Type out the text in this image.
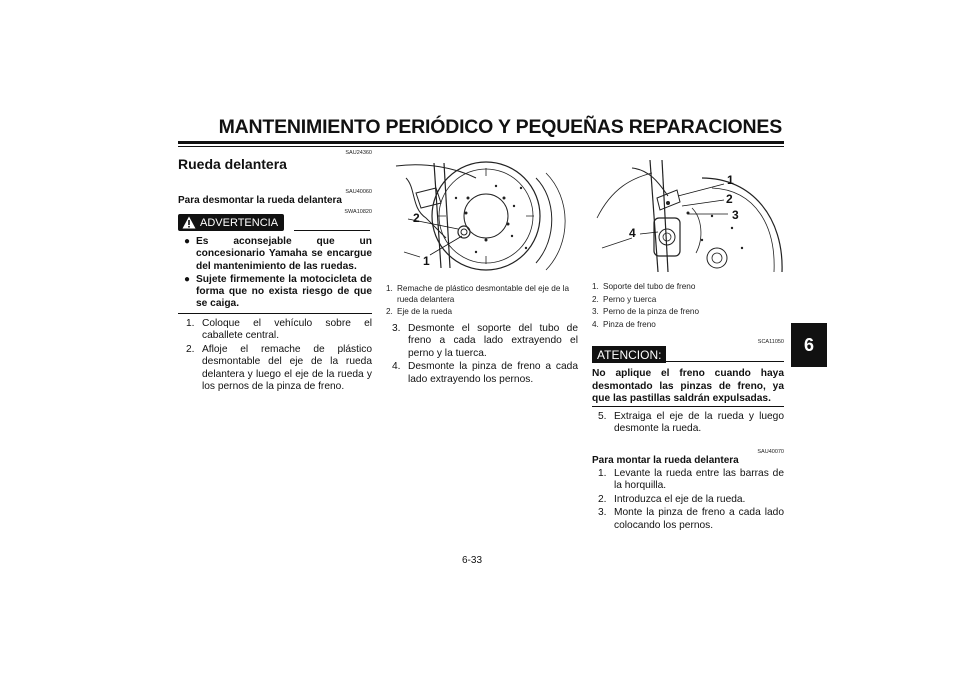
MANTENIMIENTO PERIÓDICO Y PEQUEÑAS REPARACIONES
6
SAU24360
Rueda delantera
SAU40060
Para desmontar la rueda delantera
ADVERTENCIA
SWA10820
● Es aconsejable que un concesionario Yamaha se encargue del mantenimiento de las ruedas.
● Sujete firmemente la motocicleta de forma que no exista riesgo de que se caiga.
1. Coloque el vehículo sobre el caballete central.
2. Afloje el remache de plástico desmontable del eje de la rueda delantera y luego el eje de la rueda y los pernos de la pinza de freno.
2
1
1. Remache de plástico desmontable del eje de la rueda delantera
2. Eje de la rueda
3. Desmonte el soporte del tubo de freno a cada lado extrayendo el perno y la tuerca.
4. Desmonte la pinza de freno a cada lado extrayendo los pernos.
1
2
3
4
1. Soporte del tubo de freno
2. Perno y tuerca
3. Perno de la pinza de freno
4. Pinza de freno
SCA11050
ATENCION:
No aplique el freno cuando haya desmontado las pinzas de freno, ya que las pastillas saldrán expulsadas.
5. Extraiga el eje de la rueda y luego desmonte la rueda.
SAU40070
Para montar la rueda delantera
1. Levante la rueda entre las barras de la horquilla.
2. Introduzca el eje de la rueda.
3. Monte la pinza de freno a cada lado colocando los pernos.
6-33
